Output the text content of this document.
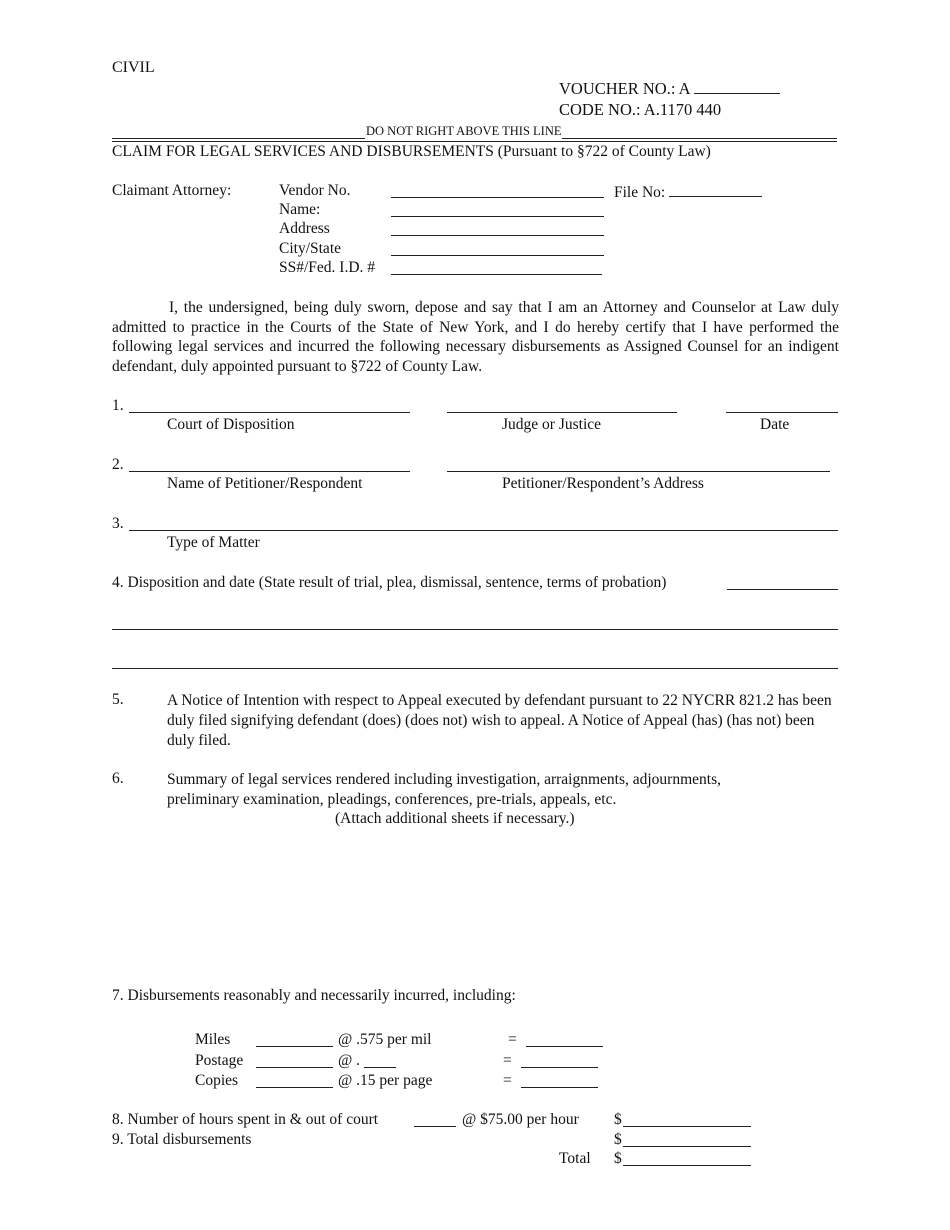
CIVIL
VOUCHER NO.: A
CODE NO.: A.1170 440
DO NOT RIGHT ABOVE THIS LINE
CLAIM FOR LEGAL SERVICES AND DISBURSEMENTS (Pursuant to §722 of County Law)
Claimant Attorney:	Vendor No.	File No:
Name:
Address
City/State
SS#/Fed. I.D. #
I, the undersigned, being duly sworn, depose and say that I am an Attorney and Counselor at Law duly admitted to practice in the Courts of the State of New York, and I do hereby certify that I have performed the following legal services and incurred the following necessary disbursements as Assigned Counsel for an indigent defendant, duly appointed pursuant to §722 of County Law.
1.
Court of Disposition	Judge or Justice	Date
2.
Name of Petitioner/Respondent	Petitioner/Respondent’s Address
3.
Type of Matter
4. Disposition and date (State result of trial, plea, dismissal, sentence, terms of probation)
5.	A Notice of Intention with respect to Appeal executed by defendant pursuant to 22 NYCRR 821.2 has been duly filed signifying defendant (does) (does not) wish to appeal. A Notice of Appeal (has) (has not) been duly filed.
6.	Summary of legal services rendered including investigation, arraignments, adjournments, preliminary examination, pleadings, conferences, pre-trials, appeals, etc.
(Attach additional sheets if necessary.)
7. Disbursements reasonably and necessarily incurred, including:
Miles	@ .575 per mil	=
Postage	@ .	=
Copies	@ .15 per page	=
8. Number of hours spent in & out of court	@ $75.00 per hour $
9. Total disbursements	$
Total $
